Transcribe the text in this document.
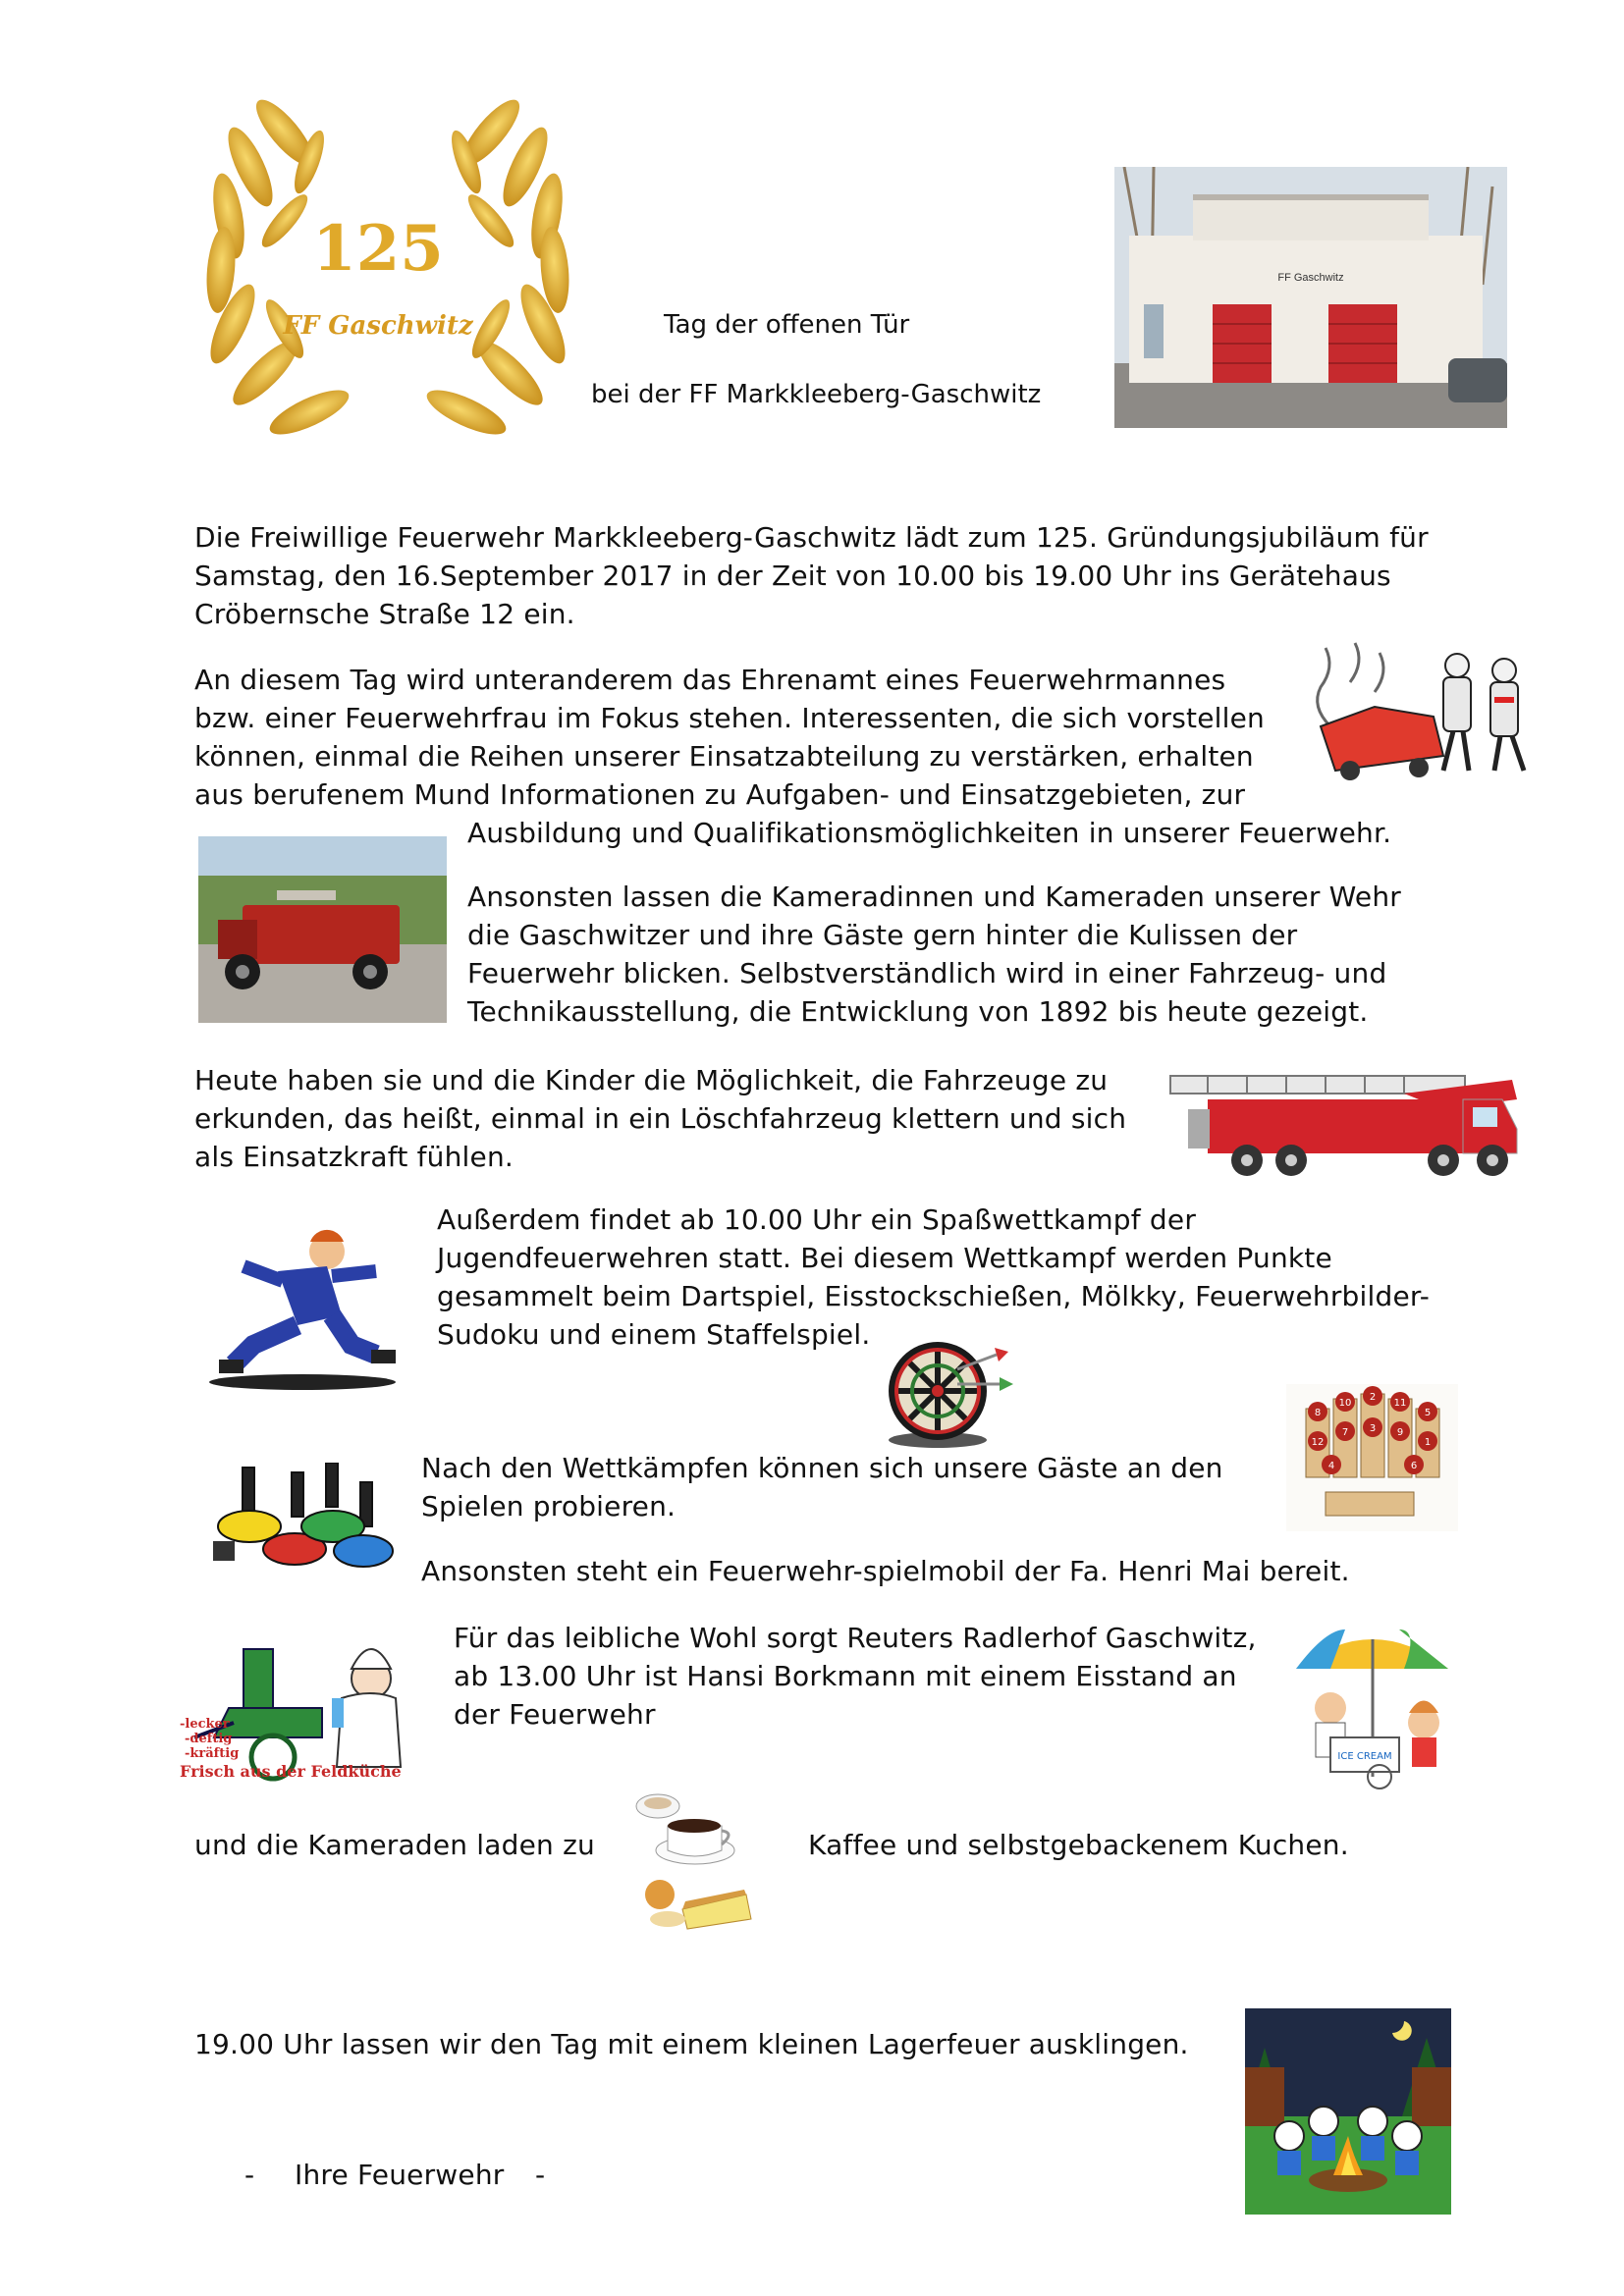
125
FF Gaschwitz	Tag der offenen Tür
bei der FF Markkleeberg-Gaschwitz
FF Gaschwitz
Die Freiwillige Feuerwehr Markkleeberg-Gaschwitz lädt zum 125. Gründungsjubiläum für
Samstag, den 16.September 2017 in der Zeit von 10.00 bis 19.00 Uhr ins Gerätehaus
Cröbernsche Straße 12 ein.
An diesem Tag wird unteranderem das Ehrenamt eines Feuerwehrmannes
bzw. einer Feuerwehrfrau im Fokus stehen. Interessenten, die sich vorstellen
können, einmal die Reihen unserer Einsatzabteilung zu verstärken, erhalten
aus berufenem Mund Informationen zu Aufgaben- und Einsatzgebieten, zur
Ausbildung und Qualifikationsmöglichkeiten in unserer Feuerwehr.
Ansonsten lassen die Kameradinnen und Kameraden unserer Wehr
die Gaschwitzer und ihre Gäste gern hinter die Kulissen der
Feuerwehr blicken. Selbstverständlich wird in einer Fahrzeug- und
Technikausstellung, die Entwicklung von 1892 bis heute gezeigt.
Heute haben sie und die Kinder die Möglichkeit, die Fahrzeuge zu
erkunden, das heißt, einmal in ein Löschfahrzeug klettern und sich
als Einsatzkraft fühlen.
Außerdem findet ab 10.00 Uhr ein Spaßwettkampf der
Jugendfeuerwehren statt. Bei diesem Wettkampf werden Punkte
gesammelt beim Dartspiel, Eisstockschießen, Mölkky, Feuerwehrbilder-
Sudoku und einem Staffelspiel.
8
10
2
11
5
12
7 3 9
1
4	6
Nach den Wettkämpfen können sich unsere Gäste an den
Spielen probieren.
Ansonsten steht ein Feuerwehr-spielmobil der Fa. Henri Mai bereit.
-lecker
-deftig
-kräftig
Frisch aus der Feldküche
Für das leibliche Wohl sorgt Reuters Radlerhof Gaschwitz,
ab 13.00 Uhr ist Hansi Borkmann mit einem Eisstand an
der Feuerwehr
ICE CREAM
und die Kameraden laden zu	Kaffee und selbstgebackenem Kuchen.
19.00 Uhr lassen wir den Tag mit einem kleinen Lagerfeuer ausklingen.
- Ihre Feuerwehr -
